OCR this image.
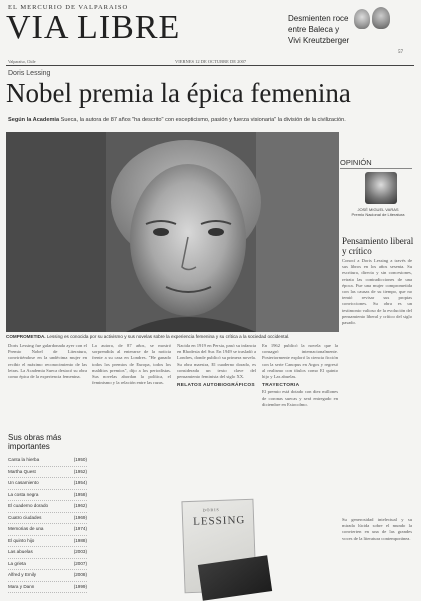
EL MERCURIO DE VALPARAISO
VIA LIBRE
Valparaíso, Chile	VIERNES 12 DE OCTUBRE DE 2007
Desmienten roce
entre Baleca y
Vivi Kreutzberger
57
Doris Lessing
Nobel premia la épica femenina
Según la Academia Sueca, la autora de 87 años "ha descrito" con escepticismo, pasión y fuerza visionaria" la división de la civilización.
COMPROMETIDA. Lessing es conocida por su activismo y sus novelas sobre la experiencia femenina y su crítica a la sociedad occidental.
OPINIÓN
JOSÉ MIGUEL VARAS
Premio Nacional de Literatura
Pensamiento liberal y crítico
Conocí a Doris Lessing a través de sus libros en los años sesenta. Su escritura, directa y sin concesiones, retrata las contradicciones de una época. Fue una mujer comprometida con las causas de su tiempo, que no temió revisar sus propias convicciones. Su obra es un testimonio valioso de la evolución del pensamiento liberal y crítico del siglo pasado.
Su generosidad intelectual y su mirada lúcida sobre el mundo la convierten en una de las grandes voces de la literatura contemporánea.
Doris Lessing fue galardonada ayer con el Premio Nobel de Literatura, convirtiéndose en la undécima mujer en recibir el máximo reconocimiento de las letras. La Academia Sueca destacó su obra como épica de la experiencia femenina.
La autora, de 87 años, se mostró sorprendida al enterarse de la noticia frente a su casa en Londres. "He ganado todos los premios de Europa, todos los malditos premios", dijo a los periodistas. Sus novelas abordan la política, el feminismo y la relación entre las razas.
Nacida en 1919 en Persia, pasó su infancia en Rhodesia del Sur. En 1949 se trasladó a Londres, donde publicó su primera novela. Su obra maestra, El cuaderno dorado, es considerada un texto clave del pensamiento feminista del siglo XX.
RELATOS AUTOBIOGRÁFICOS
En 1962 publicó la novela que la consagró internacionalmente. Posteriormente exploró la ciencia ficción con la serie Canopus en Argos y regresó al realismo con títulos como El quinto hijo y Las abuelas.
TRAYECTORIA
El premio está dotado con diez millones de coronas suecas y será entregado en diciembre en Estocolmo.
Sus obras más importantes
Canta la hierba	(1950)
Martha Quest	(1952)
Un casamiento	(1954)
La costa negra	(1958)
El cuaderno dorado	(1962)
Cuatro ciudades	(1969)
Memorias de una	(1974)
El quinto hijo	(1988)
Las abuelas	(2003)
La grieta	(2007)
Alfred y Emily	(2008)
Mara y Dann	(1999)
DORIS
LESSING
